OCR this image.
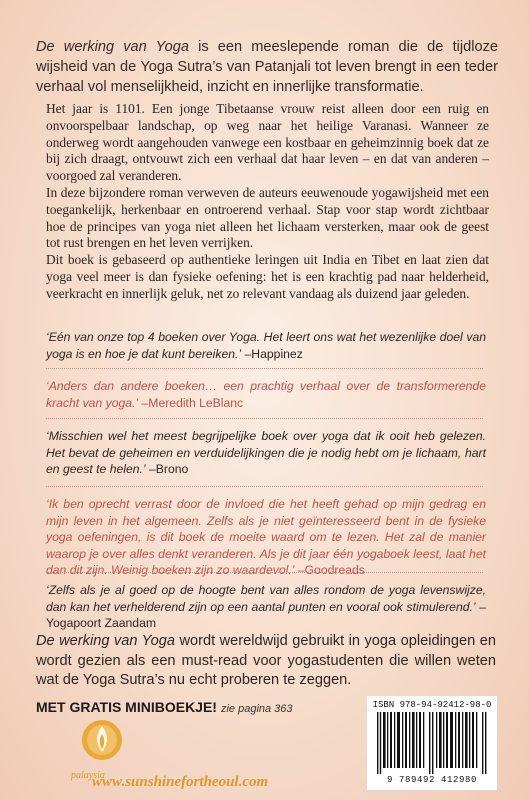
De werking van Yoga is een meeslepende roman die de tijdloze wijsheid van de Yoga Sutra’s van Patanjali tot leven brengt in een teder verhaal vol menselijkheid, inzicht en innerlijke transformatie.

Het jaar is 1101. Een jonge Tibetaanse vrouw reist alleen door een ruig en onvoorspelbaar landschap, op weg naar het heilige Varanasi. Wanneer ze onderweg wordt aangehouden vanwege een kostbaar en geheimzinnig boek dat ze bij zich draagt, ontvouwt zich een verhaal dat haar leven – en dat van anderen – voorgoed zal veranderen.

In deze bijzondere roman verweven de auteurs eeuwenoude yogawijsheid met een toegankelijk, herkenbaar en ontroerend verhaal. Stap voor stap wordt zichtbaar hoe de principes van yoga niet alleen het lichaam versterken, maar ook de geest tot rust brengen en het leven verrijken.

Dit boek is gebaseerd op authentieke leringen uit India en Tibet en laat zien dat yoga veel meer is dan fysieke oefening: het is een krachtig pad naar helderheid, veerkracht en innerlijk geluk, net zo relevant vandaag als duizend jaar geleden.

‘Eén van onze top 4 boeken over Yoga. Het leert ons wat het wezenlijke doel van yoga is en hoe je dat kunt bereiken.’ –Happinez

‘Anders dan andere boeken… een prachtig verhaal over de transformerende kracht van yoga.’ –Meredith LeBlanc

‘Misschien wel het meest begrijpelijke boek over yoga dat ik ooit heb gelezen. Het bevat de geheimen en verduidelijkingen die je nodig hebt om je lichaam, hart en geest te helen.’ –Brono

‘Ik ben oprecht verrast door de invloed die het heeft gehad op mijn gedrag en mijn leven in het algemeen. Zelfs als je niet geïnteresseerd bent in de fysieke yoga oefeningen, is dit boek de moeite waard om te lezen. Het zal de manier waarop je over alles denkt veranderen. Als je dit jaar één yogaboek leest, laat het dan dit zijn. Weinig boeken zijn zo waardevol.’ –Goodreads

‘Zelfs als je al goed op de hoogte bent van alles rondom de yoga levenswijze, dan kan het verhelderend zijn op een aantal punten en vooral ook stimulerend.’ –Yogapoort Zaandam

De werking van Yoga wordt wereldwijd gebruikt in yoga opleidingen en wordt gezien als een must-read voor yogastudenten die willen weten wat de Yoga Sutra’s nu echt proberen te zeggen.

MET GRATIS MINIBOEKJE! zie pagina 363
palaysia
www.sunshinefortheoul.com
ISBN 978-94-92412-98-0
9 789492 412980
